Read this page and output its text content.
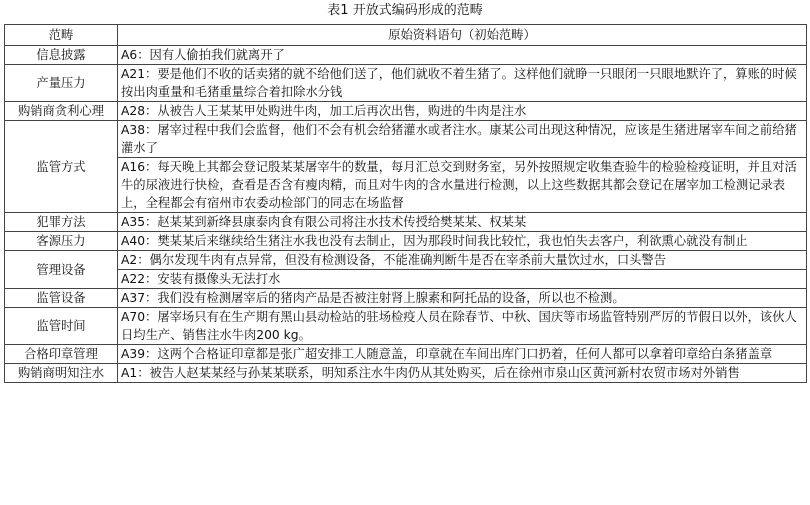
表1 开放式编码形成的范畴
范畴	原始资料语句（初始范畴）
信息披露	A6：因有人偷拍我们就离开了
产量压力	A21：要是他们不收的话卖猪的就不给他们送了，他们就收不着生猪了。这样他们就睁一只眼闭一只眼地默许了，算账的时候按出肉重量和毛猪重量综合着扣除水分钱
购销商贪利心理	A28：从被告人王某某甲处购进牛肉，加工后再次出售，购进的牛肉是注水
监管方式	A38：屠宰过程中我们会监督，他们不会有机会给猪灌水或者注水。康某公司出现这种情况，应该是生猪进屠宰车间之前给猪灌水了
	A16：每天晚上其都会登记殷某某屠宰牛的数量，每月汇总交到财务室，另外按照规定收集查验牛的检验检疫证明，并且对活牛的尿液进行快检，查看是否含有瘦肉精，而且对牛肉的含水量进行检测，以上这些数据其都会登记在屠宰加工检测记录表上，全程都会有宿州市农委动检部门的同志在场监督
犯罪方法	A35：赵某某到新绛县康泰肉食有限公司将注水技术传授给樊某某、权某某
客源压力	A40：樊某某后来继续给生猪注水我也没有去制止，因为那段时间我比较忙，我也怕失去客户，利欲熏心就没有制止
管理设备	A2：偶尔发现牛肉有点异常，但没有检测设备，不能准确判断牛是否在宰杀前大量饮过水，口头警告
	A22：安装有摄像头无法打水
监管设备	A37：我们没有检测屠宰后的猪肉产品是否被注射肾上腺素和阿托品的设备，所以也不检测。
监管时间	A70：屠宰场只有在生产期有黑山县动检站的驻场检疫人员在除春节、中秋、国庆等市场监管特别严厉的节假日以外，该伙人日均生产、销售注水牛肉200 kg。
合格印章管理	A39：这两个合格证印章都是张广超安排工人随意盖，印章就在车间出库门口扔着，任何人都可以拿着印章给白条猪盖章
购销商明知注水	A1：被告人赵某某经与孙某某联系，明知系注水牛肉仍从其处购买，后在徐州市泉山区黄河新村农贸市场对外销售
